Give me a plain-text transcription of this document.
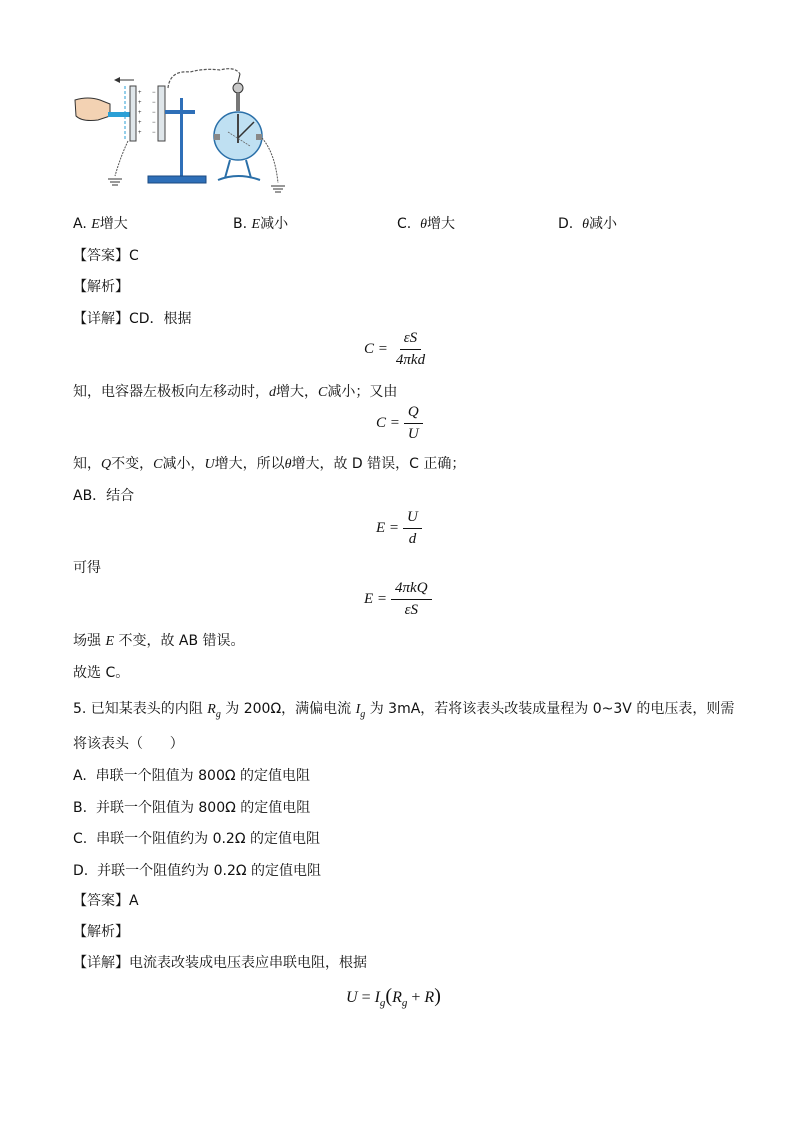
+
+
+
+
+
−
−
−
−
−
A. E增大	B. E减小	C.  θ增大	D.  θ减小
【答案】C
【解析】
【详解】CD．根据
$C = \frac{\varepsilon S}{\text{4πkd}}$
知，电容器左极板向左移动时，d增大，C减小；又由
$C = \frac{Q}{U}$
知，Q不变，C减小，U增大，所以θ增大，故 D 错误，C 正确；
AB．结合
$E = \frac{U}{d}$
可得
$E = \frac{\text{4πkQ}}{\varepsilon S}$
场强 E 不变，故 AB 错误。
故选 C。
5. 已知某表头的内阻 $R_g$ 为 200Ω，满偏电流 $I_g$ 为 3mA，若将该表头改装成量程为 0~3V 的电压表，则需
将该表头（      ）
A.  串联一个阻值为 800Ω 的定值电阻
B.  并联一个阻值为 800Ω 的定值电阻
C.  串联一个阻值约为 0.2Ω 的定值电阻
D.  并联一个阻值约为 0.2Ω 的定值电阻
【答案】A
【解析】
【详解】电流表改装成电压表应串联电阻，根据
$U = I_g(R_g + R)$
